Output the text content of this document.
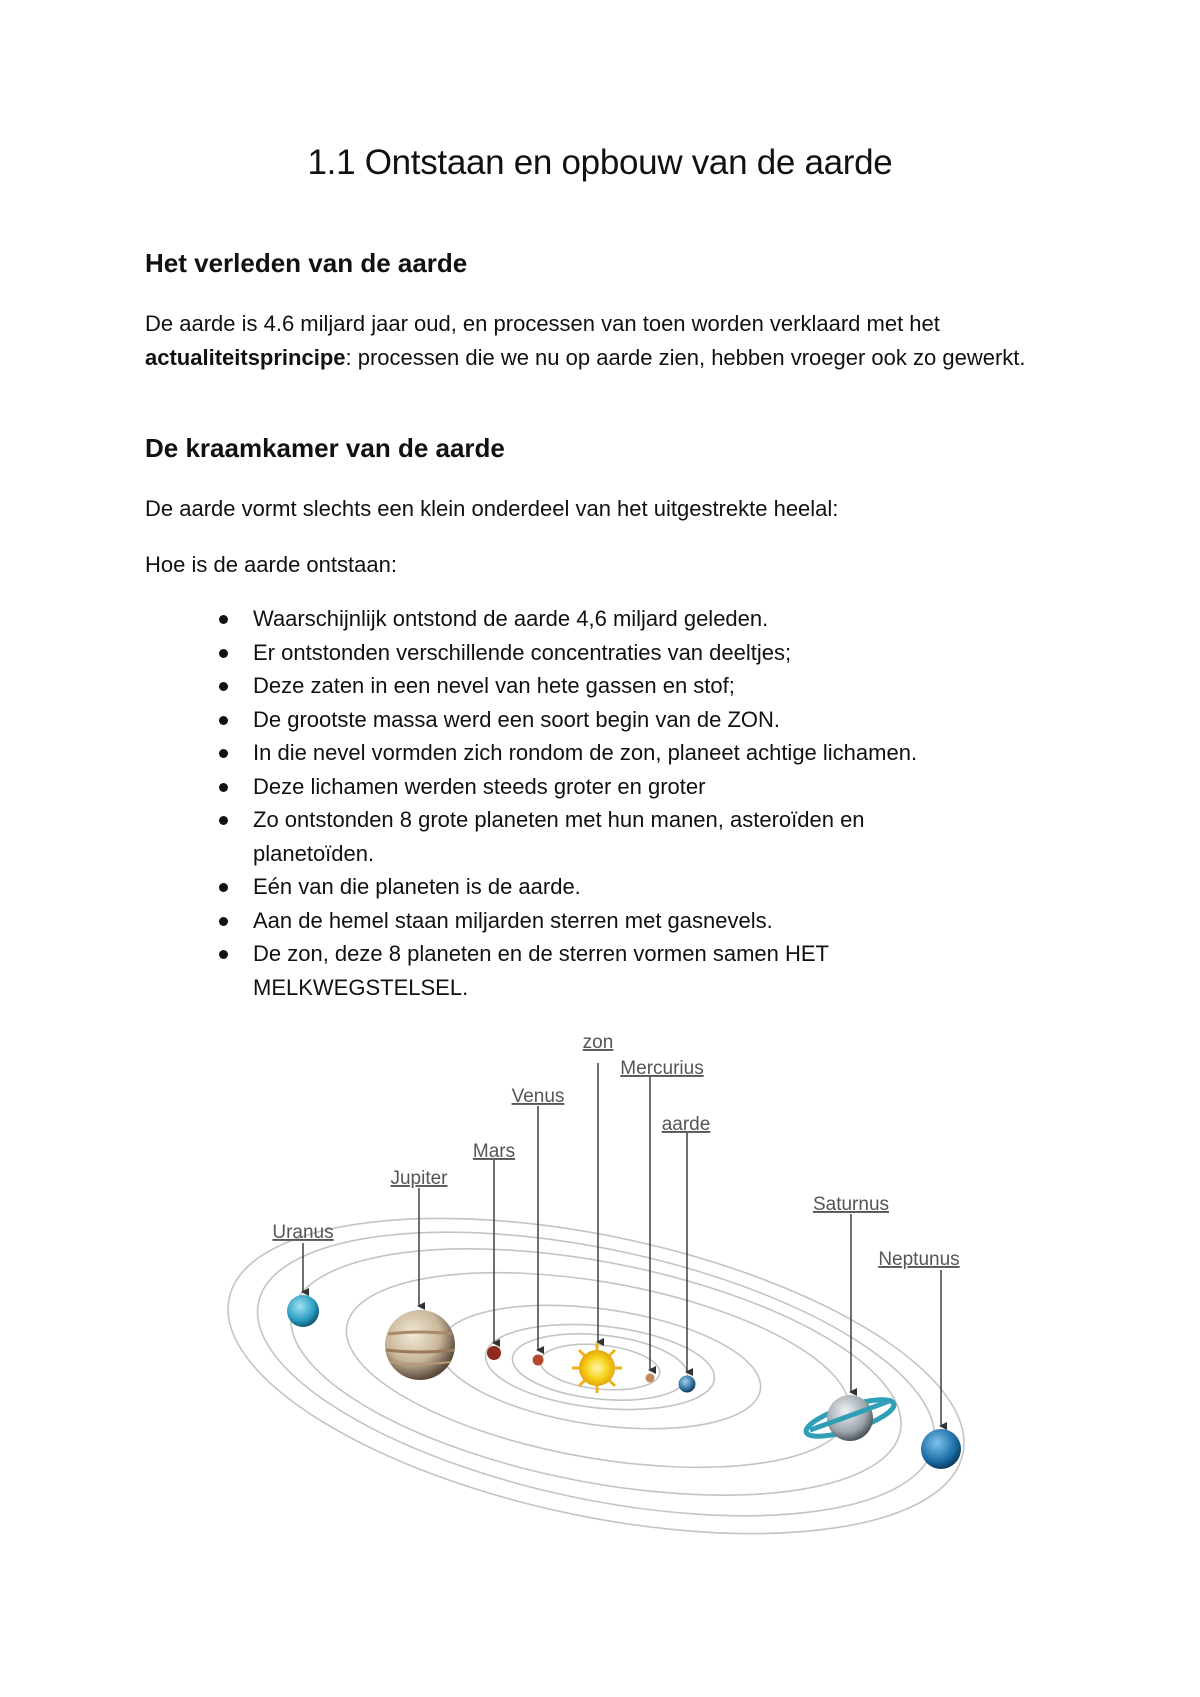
1.1 Ontstaan en opbouw van de aarde
Het verleden van de aarde

De aarde is 4.6 miljard jaar oud, en processen van toen worden verklaard met het actualiteitsprincipe: processen die we nu op aarde zien, hebben vroeger ook zo gewerkt.

De kraamkamer van de aarde

De aarde vormt slechts een klein onderdeel van het uitgestrekte heelal:

Hoe is de aarde ontstaan:

Waarschijnlijk ontstond de aarde 4,6 miljard geleden.
Er ontstonden verschillende concentraties van deeltjes;
Deze zaten in een nevel van hete gassen en stof;
De grootste massa werd een soort begin van de ZON.
In die nevel vormden zich rondom de zon, planeet achtige lichamen.
Deze lichamen werden steeds groter en groter
Zo ontstonden 8 grote planeten met hun manen, asteroïden en planetoïden.
Eén van die planeten is de aarde.
Aan de hemel staan miljarden sterren met gasnevels.
De zon, deze 8 planeten en de sterren vormen samen HET MELKWEGSTELSEL.
zon
Mercurius
Venus
aarde
Mars
Jupiter
Uranus
Saturnus
Neptunus
